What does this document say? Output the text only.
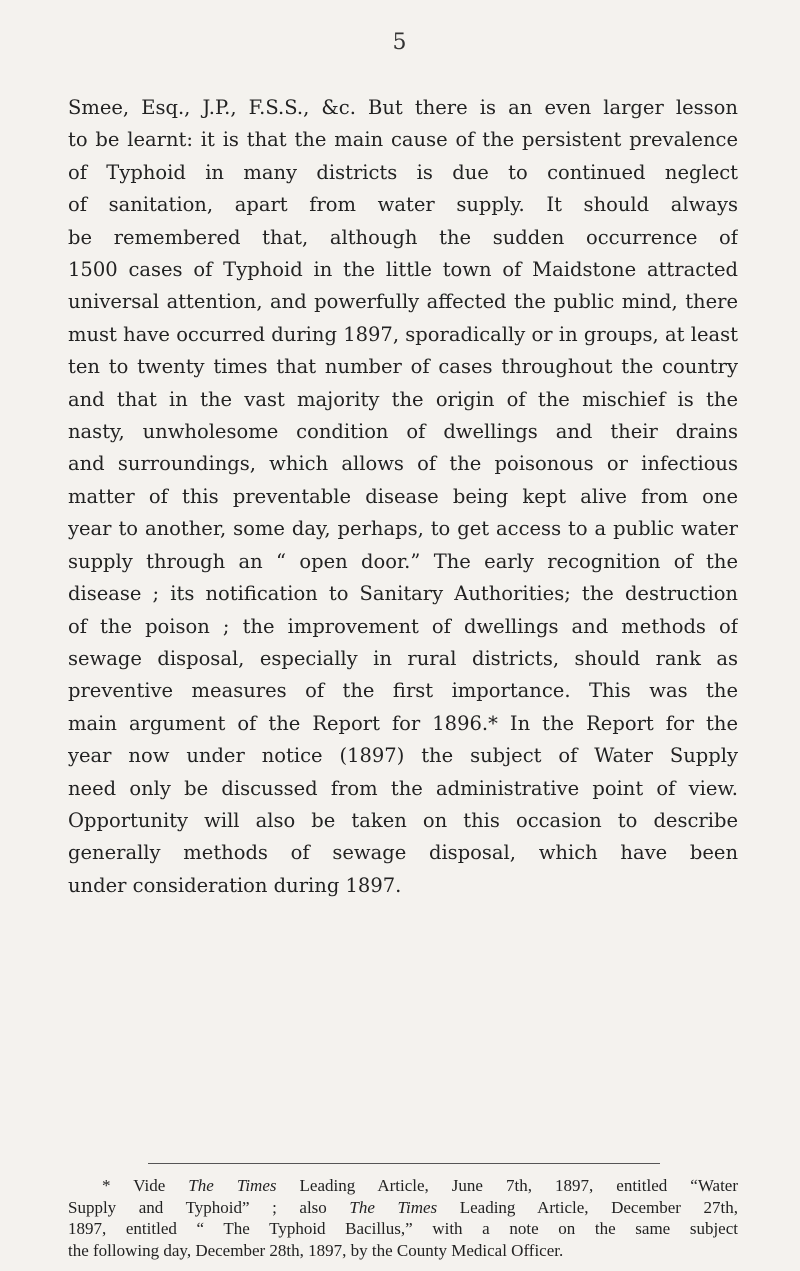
5
Smee, Esq., J.P., F.S.S., &c. But there is an even larger lesson
to be learnt: it is that the main cause of the persistent prevalence
of Typhoid in many districts is due to continued neglect
of sanitation, apart from water supply. It should always
be remembered that, although the sudden occurrence of
1500 cases of Typhoid in the little town of Maidstone attracted
universal attention, and powerfully affected the public mind, there
must have occurred during 1897, sporadically or in groups, at least
ten to twenty times that number of cases throughout the country
and that in the vast majority the origin of the mischief is the
nasty, unwholesome condition of dwellings and their drains
and surroundings, which allows of the poisonous or infectious
matter of this preventable disease being kept alive from one
year to another, some day, perhaps, to get access to a public water
supply through an “ open door.” The early recognition of the
disease ; its notification to Sanitary Authorities; the destruction
of the poison ; the improvement of dwellings and methods of
sewage disposal, especially in rural districts, should rank as
preventive measures of the first importance. This was the
main argument of the Report for 1896.* In the Report for the
year now under notice (1897) the subject of Water Supply
need only be discussed from the administrative point of view.
Opportunity will also be taken on this occasion to describe
generally methods of sewage disposal, which have been
under consideration during 1897.
* Vide The Times Leading Article, June 7th, 1897, entitled “Water
Supply and Typhoid” ; also The Times Leading Article, December 27th,
1897, entitled “ The Typhoid Bacillus,” with a note on the same subject
the following day, December 28th, 1897, by the County Medical Officer.
